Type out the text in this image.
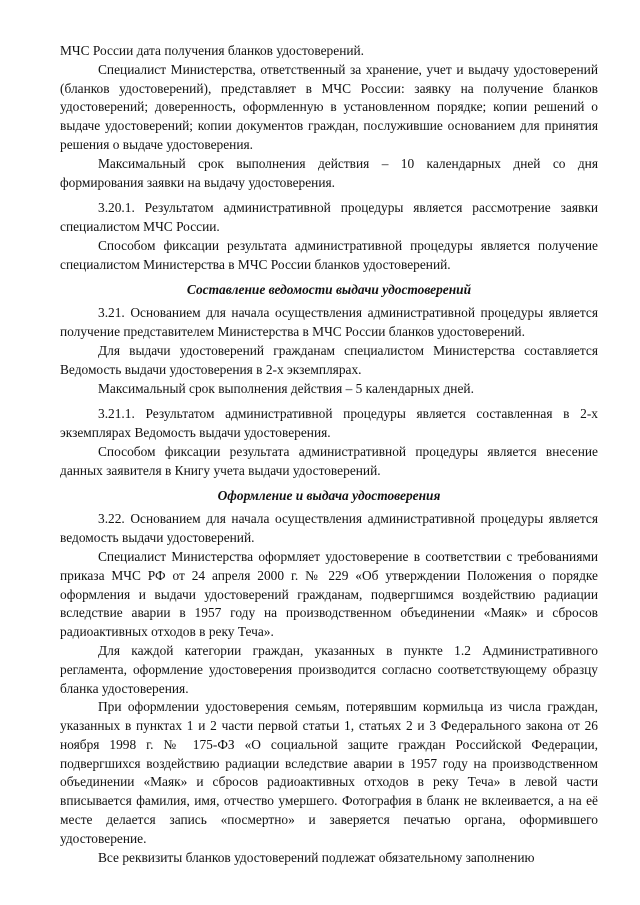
МЧС России дата получения бланков удостоверений.

Специалист Министерства, ответственный за хранение, учет и выдачу удостоверений (бланков удостоверений), представляет в МЧС России: заявку на получение бланков удостоверений; доверенность, оформленную в установленном порядке; копии решений о выдаче удостоверений; копии документов граждан, послужившие основанием для принятия решения о выдаче удостоверения.

Максимальный срок выполнения действия – 10 календарных дней со дня формирования заявки на выдачу удостоверения.

3.20.1. Результатом административной процедуры является рассмотрение заявки специалистом МЧС России.

Способом фиксации результата административной процедуры является получение специалистом Министерства в МЧС России бланков удостоверений.

Составление ведомости выдачи удостоверений

3.21. Основанием для начала осуществления административной процедуры является получение представителем Министерства в МЧС России бланков удостоверений.

Для выдачи удостоверений гражданам специалистом Министерства составляется Ведомость выдачи удостоверения в 2-х экземплярах.

Максимальный срок выполнения действия – 5 календарных дней.

3.21.1. Результатом административной процедуры является составленная в 2-х экземплярах Ведомость выдачи удостоверения.

Способом фиксации результата административной процедуры является внесение данных заявителя в Книгу учета выдачи удостоверений.

Оформление и выдача удостоверения

3.22. Основанием для начала осуществления административной процедуры является ведомость выдачи удостоверений.

Специалист Министерства оформляет удостоверение в соответствии с требованиями приказа МЧС РФ от 24 апреля 2000 г. № 229 «Об утверждении Положения о порядке оформления и выдачи удостоверений гражданам, подвергшимся воздействию радиации вследствие аварии в 1957 году на производственном объединении «Маяк» и сбросов радиоактивных отходов в реку Теча».

Для каждой категории граждан, указанных в пункте 1.2 Административного регламента, оформление удостоверения производится согласно соответствующему образцу бланка удостоверения.

При оформлении удостоверения семьям, потерявшим кормильца из числа граждан, указанных в пунктах 1 и 2 части первой статьи 1, статьях 2 и 3 Федерального закона от 26 ноября 1998 г. № 175-ФЗ «О социальной защите граждан Российской Федерации, подвергшихся воздействию радиации вследствие аварии в 1957 году на производственном объединении «Маяк» и сбросов радиоактивных отходов в реку Теча» в левой части вписывается фамилия, имя, отчество умершего. Фотография в бланк не вклеивается, а на её месте делается запись «посмертно» и заверяется печатью органа, оформившего удостоверение.

Все реквизиты бланков удостоверений подлежат обязательному заполнению
